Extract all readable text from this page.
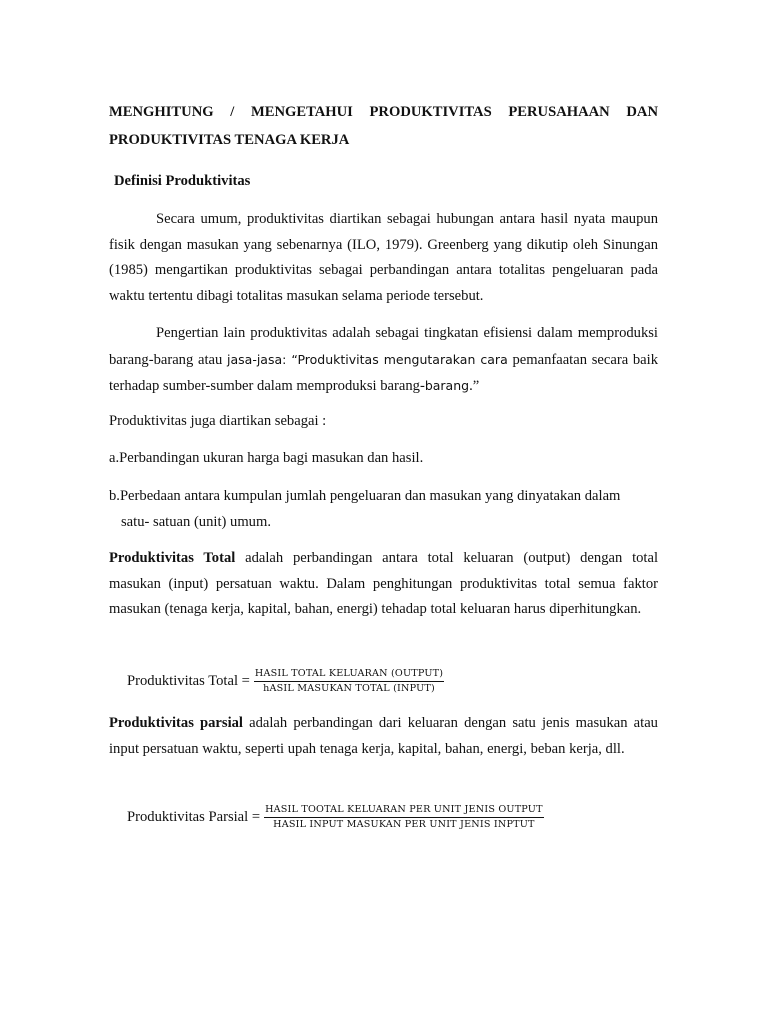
MENGHITUNG / MENGETAHUI PRODUKTIVITAS PERUSAHAAN DAN
PRODUKTIVITAS TENAGA KERJA
Definisi Produktivitas
Secara umum, produktivitas diartikan sebagai hubungan antara hasil nyata maupun fisik dengan masukan yang sebenarnya (ILO, 1979). Greenberg yang dikutip oleh Sinungan (1985) mengartikan produktivitas sebagai perbandingan antara totalitas pengeluaran pada waktu tertentu dibagi totalitas masukan selama periode tersebut.
Pengertian lain produktivitas adalah sebagai tingkatan efisiensi dalam memproduksi barang-barang atau jasa-jasa: “Produktivitas mengutarakan cara pemanfaatan secara baik terhadap sumber-sumber dalam memproduksi barang-barang.”
Produktivitas juga diartikan sebagai :
a.Perbandingan ukuran harga bagi masukan dan hasil.
b.Perbedaan antara kumpulan jumlah pengeluaran dan masukan yang dinyatakan dalam
satu- satuan (unit) umum.
Produktivitas Total adalah perbandingan antara total keluaran (output) dengan total masukan (input) persatuan waktu. Dalam penghitungan produktivitas total semua faktor masukan (tenaga kerja, kapital, bahan, energi) tehadap total keluaran harus diperhitungkan.
Produktivitas Total = $\frac{\text{HASIL TOTAL KELUARAN (OUTPUT)}}{\text{hASIL MASUKAN TOTAL (INPUT)}}$
Produktivitas parsial adalah perbandingan dari keluaran dengan satu jenis masukan atau input persatuan waktu, seperti upah tenaga kerja, kapital, bahan, energi, beban kerja, dll.
Produktivitas Parsial = $\frac{\text{HASIL TOOTAL KELUARAN PER UNIT JENIS OUTPUT}}{\text{HASIL INPUT MASUKAN PER UNIT JENIS INPTUT}}$
